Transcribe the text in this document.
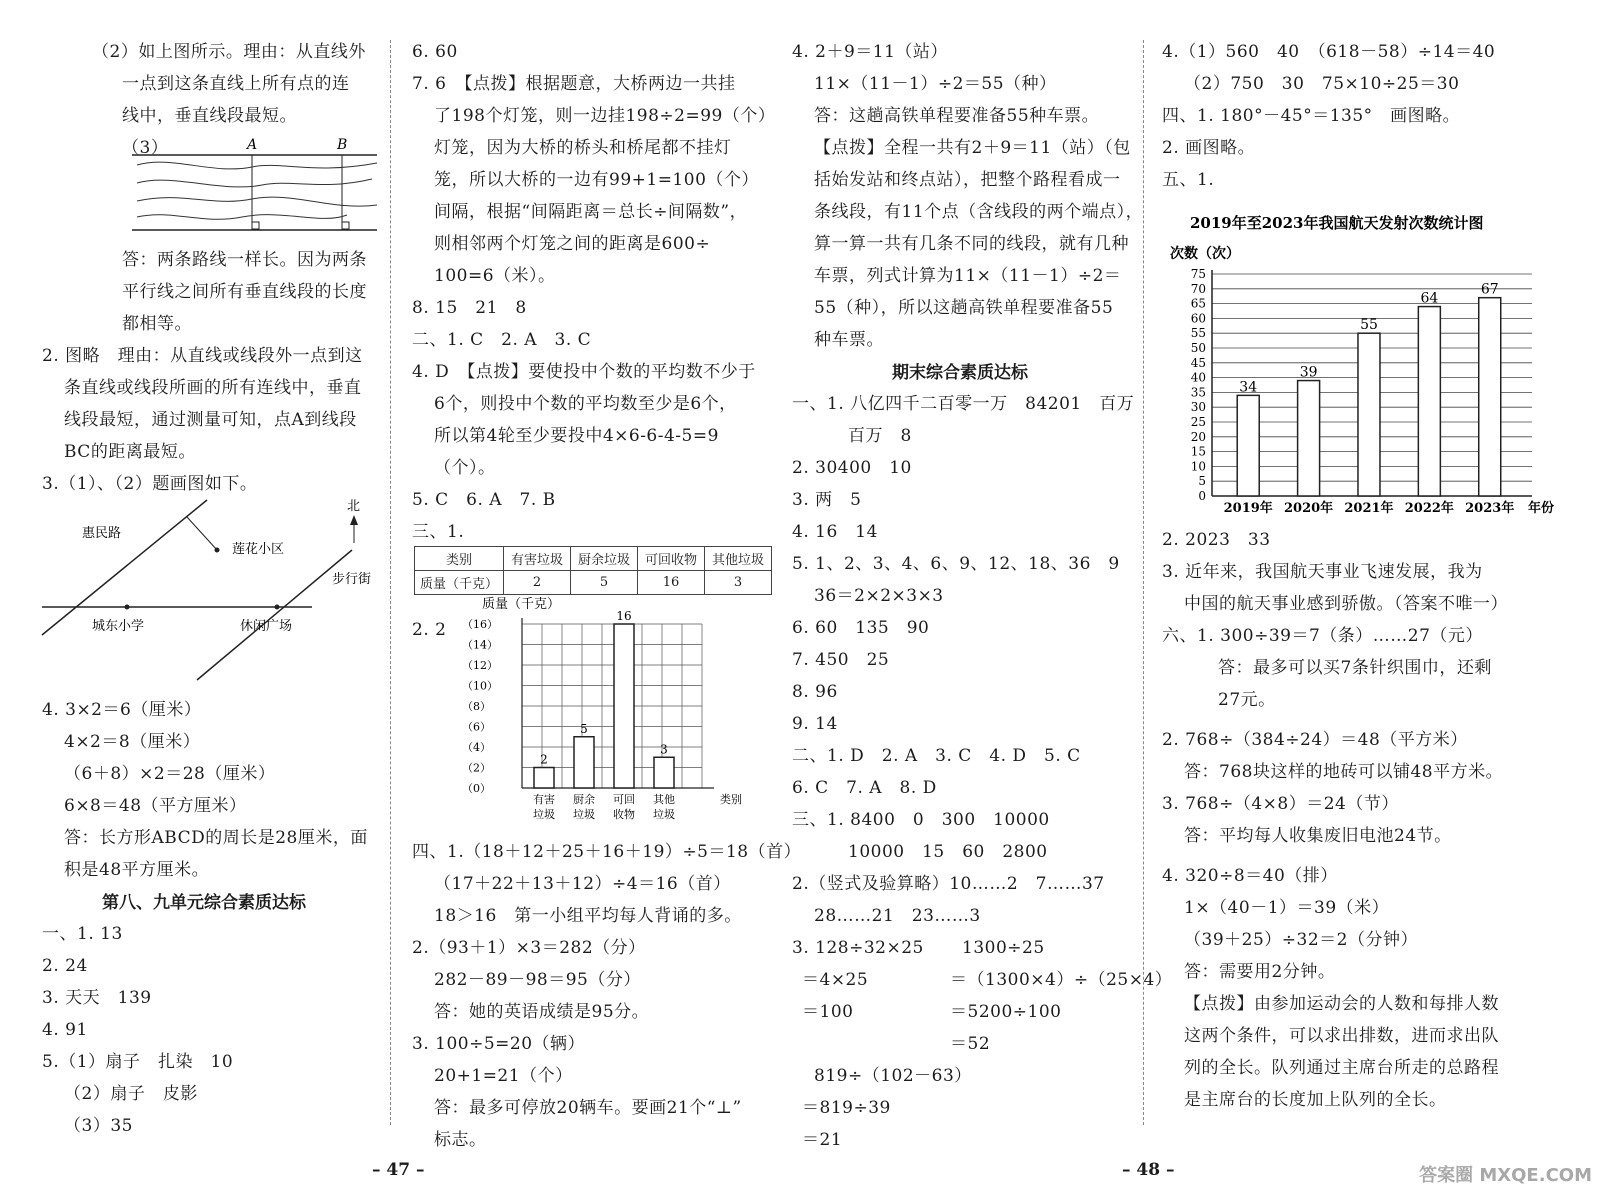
（2）如上图所示。理由：从直线外
一点到这条直线上所有点的连
线中，垂直线段最短。
（3）	A	B
答：两条路线一样长。因为两条
平行线之间所有垂直线段的长度
都相等。
2. 图略　理由：从直线或线段外一点到这
条直线或线段所画的所有连线中，垂直
线段最短，通过测量可知，点A到线段
BC的距离最短。
3.（1）、（2）题画图如下。
北
惠民路
莲花小区
步行街
城东小学	休闲广场
4. 3×2＝6（厘米）
4×2＝8（厘米）
（6＋8）×2＝28（厘米）
6×8＝48（平方厘米）
答：长方形ABCD的周长是28厘米，面
积是48平方厘米。
第八、九单元综合素质达标
一、1. 13
2. 24
3. 天天　139
4. 91
5.（1）扇子　扎染　10
（2）扇子　皮影
（3）35
6. 60
7. 6　【点拨】根据题意，大桥两边一共挂
了198个灯笼，则一边挂198÷2=99（个）
灯笼，因为大桥的桥头和桥尾都不挂灯
笼，所以大桥的一边有99+1=100（个）
间隔，根据“间隔距离＝总长÷间隔数”，
则相邻两个灯笼之间的距离是600÷
100=6（米）。
8. 15　21　8
二、1. C　2. A　3. C
4. D　【点拨】要使投中个数的平均数不少于
6个，则投中个数的平均数至少是6个，
所以第4轮至少要投中4×6-6-4-5=9
（个）。
5. C　6. A　7. B
三、1.
类别	有害垃圾	厨余垃圾	可回收物	其他垃圾
质量（千克）	2	5	16	3
2. 2
质量（千克）
（16）
（14）
（12）
（10）
（8）
（6）
（4）
（2）
（0）
2
有害
垃圾
5
厨余
垃圾
16
可回
收物
3
其他
垃圾
类别
四、1.（18＋12＋25＋16＋19）÷5＝18（首）
（17＋22＋13＋12）÷4＝16（首）
18＞16　第一小组平均每人背诵的多。
2.（93＋1）×3＝282（分）
282－89－98＝95（分）
答：她的英语成绩是95分。
3. 100÷5=20（辆）
20+1=21（个）
答：最多可停放20辆车。要画21个“⊥”
标志。
– 47 –
4. 2＋9＝11（站）
11×（11－1）÷2＝55（种）
答：这趟高铁单程要准备55种车票。
【点拨】全程一共有2＋9＝11（站）（包
括始发站和终点站），把整个路程看成一
条线段，有11个点（含线段的两个端点），
算一算一共有几条不同的线段，就有几种
车票，列式计算为11×（11－1）÷2＝
55（种），所以这趟高铁单程要准备55
种车票。
期末综合素质达标
一、1. 八亿四千二百零一万　84201　百万
百万　8
2. 30400　10
3. 两　5
4. 16　14
5. 1、2、3、4、6、9、12、18、36　9
36＝2×2×3×3
6. 60　135　90
7. 450　25
8. 96
9. 14
二、1. D　2. A　3. C　4. D　5. C
6. C　7. A　8. D
三、1. 8400　0　300　10000
10000　15　60　2800
2.（竖式及验算略）10……2　7……37
28……21　23……3
3. 128÷32×25
＝4×25
＝100
1300÷25
＝（1300×4）÷（25×4）
＝5200÷100
＝52
819÷（102－63）
＝819÷39
＝21
– 48 –
4.（1）560　40　（618－58）÷14＝40
（2）750　30　75×10÷25＝30
四、1. 180°－45°＝135°　画图略。
2. 画图略。
五、1.
2019年至2023年我国航天发射次数统计图
次数（次）
0
5
10
15
20
25
30
35
40
45
50
55
60
65
70
75
34
2019年
39
2020年
55
2021年
64
2022年
67
2023年 年份
2. 2023　33
3. 近年来，我国航天事业飞速发展，我为
中国的航天事业感到骄傲。（答案不唯一）
六、1. 300÷39＝7（条）……27（元）
答：最多可以买7条针织围巾，还剩
27元。
2. 768÷（384÷24）＝48（平方米）
答：768块这样的地砖可以铺48平方米。
3. 768÷（4×8）＝24（节）
答：平均每人收集废旧电池24节。
4. 320÷8＝40（排）
1×（40－1）＝39（米）
（39＋25）÷32＝2（分钟）
答：需要用2分钟。
【点拨】由参加运动会的人数和每排人数
这两个条件，可以求出排数，进而求出队
列的全长。队列通过主席台所走的总路程
是主席台的长度加上队列的全长。
答案圈 MXQE.COM
